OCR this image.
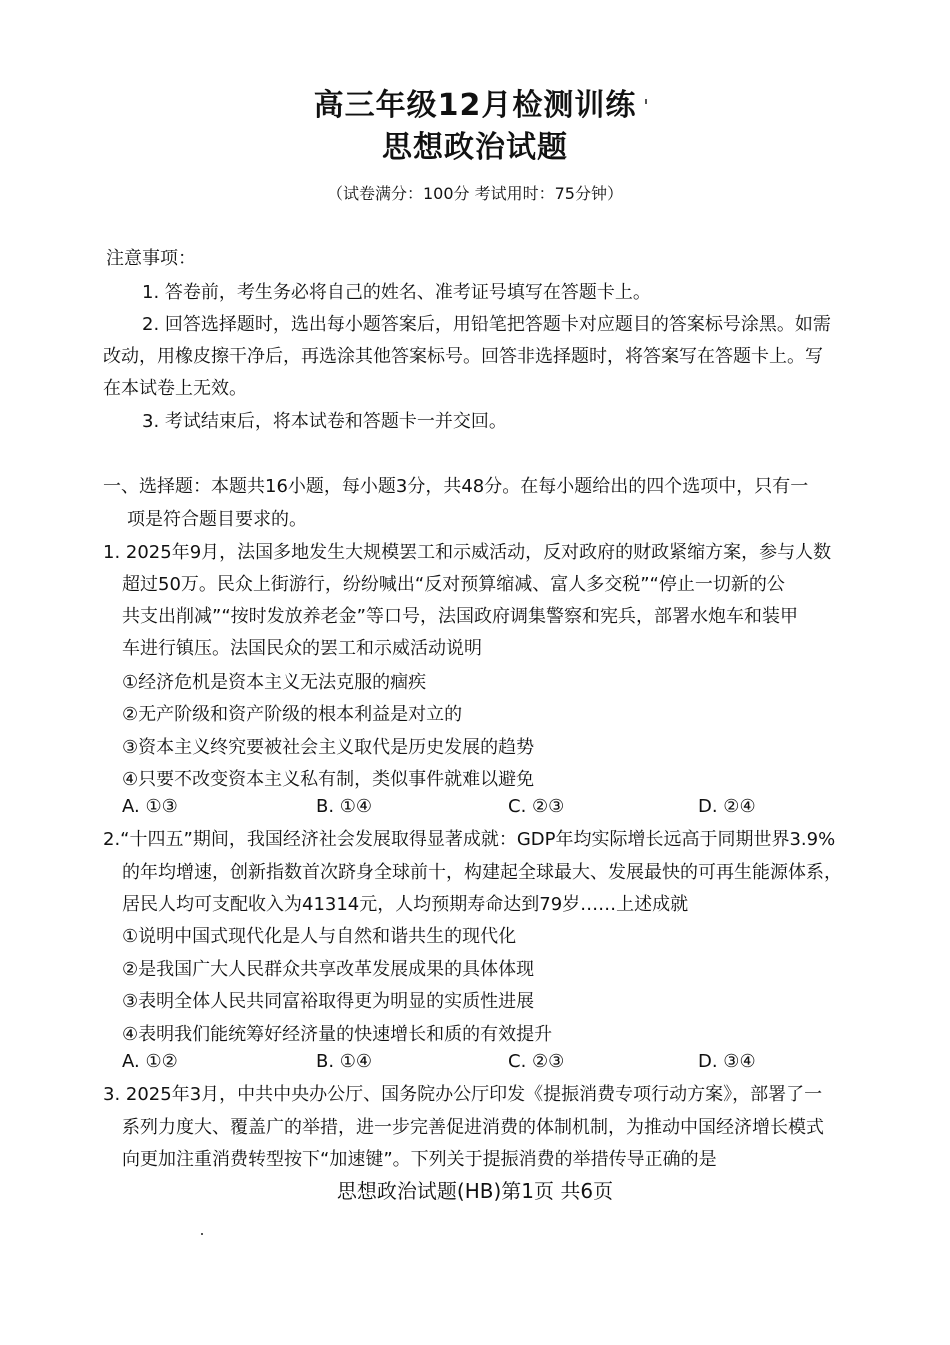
高三年级12月检测训练
思想政治试题
（试卷满分：100分 考试用时：75分钟）
注意事项：
1. 答卷前，考生务必将自己的姓名、准考证号填写在答题卡上。
2. 回答选择题时，选出每小题答案后，用铅笔把答题卡对应题目的答案标号涂黑。如需
改动，用橡皮擦干净后，再选涂其他答案标号。回答非选择题时，将答案写在答题卡上。写
在本试卷上无效。
3. 考试结束后，将本试卷和答题卡一并交回。
一、选择题：本题共16小题，每小题3分，共48分。在每小题给出的四个选项中，只有一
项是符合题目要求的。
1. 2025年9月，法国多地发生大规模罢工和示威活动，反对政府的财政紧缩方案，参与人数
超过50万。民众上街游行，纷纷喊出“反对预算缩减、富人多交税”“停止一切新的公
共支出削减”“按时发放养老金”等口号，法国政府调集警察和宪兵，部署水炮车和装甲
车进行镇压。法国民众的罢工和示威活动说明
①经济危机是资本主义无法克服的痼疾
②无产阶级和资产阶级的根本利益是对立的
③资本主义终究要被社会主义取代是历史发展的趋势
④只要不改变资本主义私有制，类似事件就难以避免
A. ①③	B. ①④	C. ②③	D. ②④
2.“十四五”期间，我国经济社会发展取得显著成就：GDP年均实际增长远高于同期世界3.9%
的年均增速，创新指数首次跻身全球前十，构建起全球最大、发展最快的可再生能源体系，
居民人均可支配收入为41314元，人均预期寿命达到79岁……上述成就
①说明中国式现代化是人与自然和谐共生的现代化
②是我国广大人民群众共享改革发展成果的具体体现
③表明全体人民共同富裕取得更为明显的实质性进展
④表明我们能统筹好经济量的快速增长和质的有效提升
A. ①②	B. ①④	C. ②③	D. ③④
3. 2025年3月，中共中央办公厅、国务院办公厅印发《提振消费专项行动方案》，部署了一
系列力度大、覆盖广的举措，进一步完善促进消费的体制机制，为推动中国经济增长模式
向更加注重消费转型按下“加速键”。下列关于提振消费的举措传导正确的是
思想政治试题(HB)第1页 共6页
